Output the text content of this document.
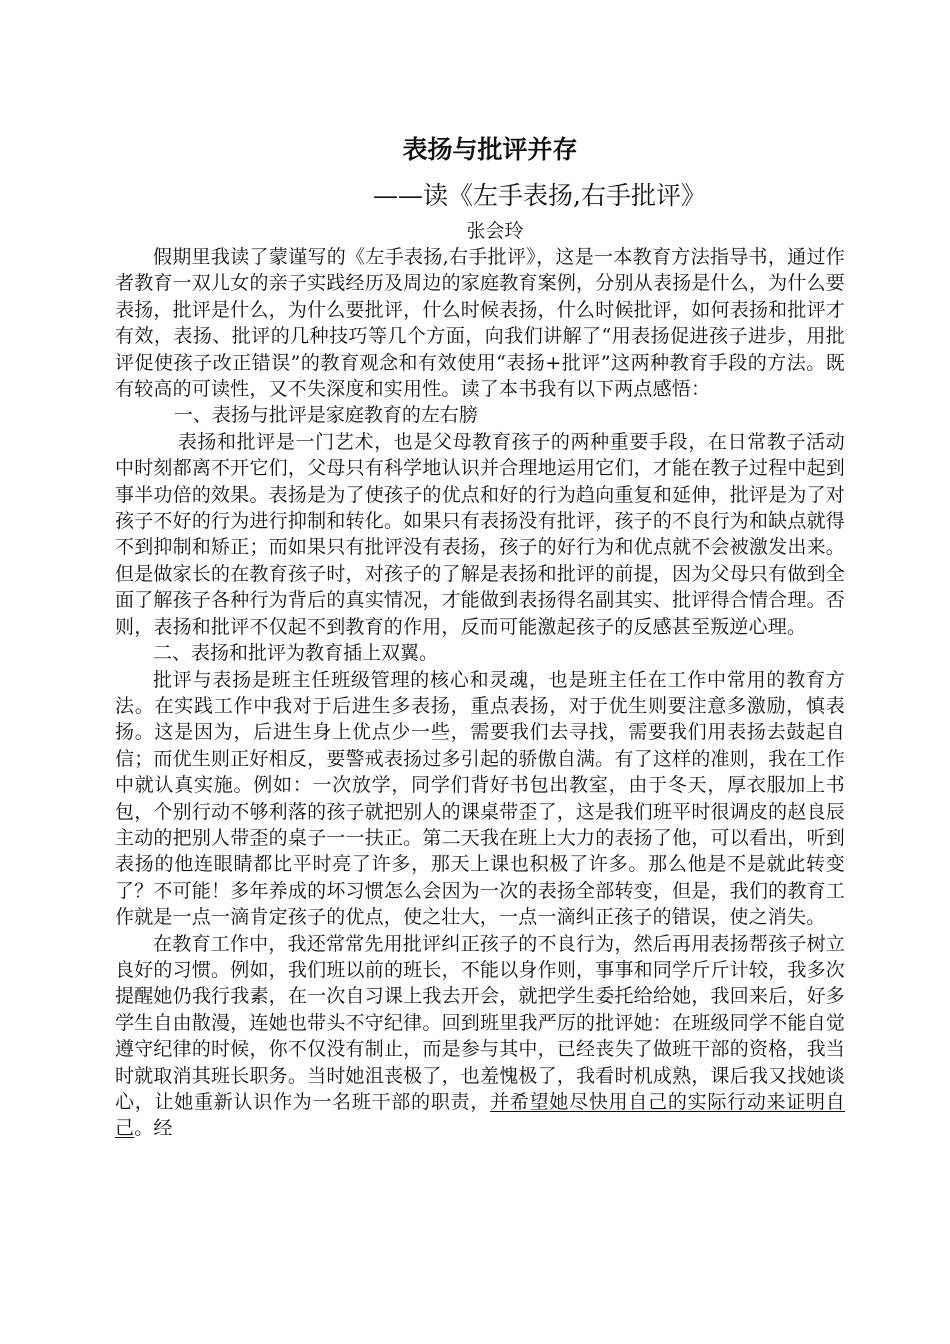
表扬与批评并存
——读《左手表扬,右手批评》
张会玲

假期里我读了蒙谨写的《左手表扬,右手批评》，这是一本教育方法指导书，通过作者教育一双儿女的亲子实践经历及周边的家庭教育案例，分别从表扬是什么，为什么要表扬，批评是什么，为什么要批评，什么时候表扬，什么时候批评，如何表扬和批评才有效，表扬、批评的几种技巧等几个方面，向我们讲解了“用表扬促进孩子进步，用批评促使孩子改正错误”的教育观念和有效使用“表扬+批评”这两种教育手段的方法。既有较高的可读性，又不失深度和实用性。读了本书我有以下两点感悟：

一、表扬与批评是家庭教育的左右膀

表扬和批评是一门艺术，也是父母教育孩子的两种重要手段，在日常教子活动中时刻都离不开它们，父母只有科学地认识并合理地运用它们，才能在教子过程中起到事半功倍的效果。表扬是为了使孩子的优点和好的行为趋向重复和延伸，批评是为了对孩子不好的行为进行抑制和转化。如果只有表扬没有批评，孩子的不良行为和缺点就得不到抑制和矫正；而如果只有批评没有表扬，孩子的好行为和优点就不会被激发出来。但是做家长的在教育孩子时，对孩子的了解是表扬和批评的前提，因为父母只有做到全面了解孩子各种行为背后的真实情况，才能做到表扬得名副其实、批评得合情合理。否则，表扬和批评不仅起不到教育的作用，反而可能激起孩子的反感甚至叛逆心理。

二、表扬和批评为教育插上双翼。

批评与表扬是班主任班级管理的核心和灵魂，也是班主任在工作中常用的教育方法。在实践工作中我对于后进生多表扬，重点表扬，对于优生则要注意多激励，慎表扬。这是因为，后进生身上优点少一些，需要我们去寻找，需要我们用表扬去鼓起自信；而优生则正好相反，要警戒表扬过多引起的骄傲自满。有了这样的准则，我在工作中就认真实施。例如：一次放学，同学们背好书包出教室，由于冬天，厚衣服加上书包，个别行动不够利落的孩子就把别人的课桌带歪了，这是我们班平时很调皮的赵良辰主动的把别人带歪的桌子一一扶正。第二天我在班上大力的表扬了他，可以看出，听到表扬的他连眼睛都比平时亮了许多，那天上课也积极了许多。那么他是不是就此转变了？不可能！多年养成的坏习惯怎么会因为一次的表扬全部转变，但是，我们的教育工作就是一点一滴肯定孩子的优点，使之壮大，一点一滴纠正孩子的错误，使之消失。

在教育工作中，我还常常先用批评纠正孩子的不良行为，然后再用表扬帮孩子树立良好的习惯。例如，我们班以前的班长，不能以身作则，事事和同学斤斤计较，我多次提醒她仍我行我素，在一次自习课上我去开会，就把学生委托给给她，我回来后，好多学生自由散漫，连她也带头不守纪律。回到班里我严厉的批评她：在班级同学不能自觉遵守纪律的时候，你不仅没有制止，而是参与其中，已经丧失了做班干部的资格，我当时就取消其班长职务。当时她沮丧极了，也羞愧极了，我看时机成熟，课后我又找她谈心，让她重新认识作为一名班干部的职责，并希望她尽快用自己的实际行动来证明自己。经
